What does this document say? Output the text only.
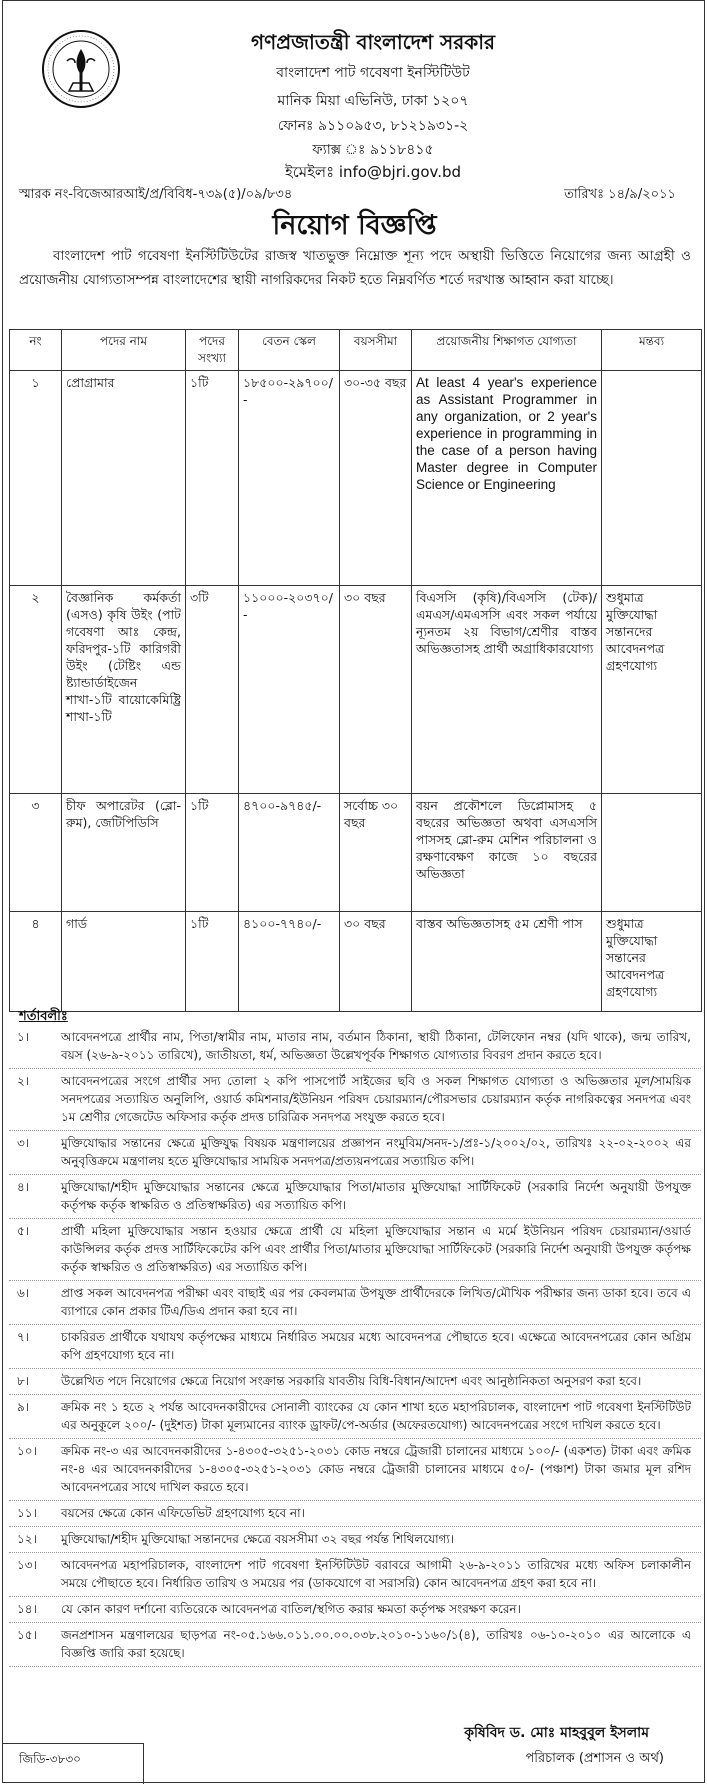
গণপ্রজাতন্ত্রী বাংলাদেশ সরকার
বাংলাদেশ পাট গবেষণা ইনস্টিটিউট
মানিক মিয়া এভিনিউ, ঢাকা ১২০৭
ফোনঃ ৯১১০৯৫৩, ৮১২১৯৩১-২
ফ্যাক্স ঃ ৯১১৮৪১৫
ইমেইলঃ info@bjri.gov.bd
স্মারক নং-বিজেআরআই/প্র/বিবিধ-৭৩৯(৫)/০৯/৮৩৪	তারিখঃ ১৪/৯/২০১১
নিয়োগ বিজ্ঞপ্তি
বাংলাদেশ পাট গবেষণা ইনস্টিটিউটের রাজস্ব খাতভুক্ত নিম্নোক্ত শূন্য পদে অস্থায়ী ভিত্তিতে নিয়োগের জন্য আগ্রহী ও প্রয়োজনীয় যোগ্যতাসম্পন্ন বাংলাদেশের স্থায়ী নাগরিকদের নিকট হতে নিম্নবর্ণিত শর্তে দরখাস্ত আহ্বান করা যাচ্ছে।
নং	পদের নাম	পদের সংখ্যা	বেতন স্কেল	বয়সসীমা	প্রয়োজনীয় শিক্ষাগত যোগ্যতা	মন্তব্য
১	প্রোগ্রামার	১টি	১৮৫০০-২৯৭০০/-	৩০-৩৫ বছর	At least 4 year's experience as Assistant Programmer in any organization, or 2 year's experience in programming in the case of a person having Master degree in Computer Science or Engineering	
২	বৈজ্ঞানিক কর্মকর্তা (এসও) কৃষি উইং (পাট গবেষণা আঃ কেন্দ্র, ফরিদপুর-১টি কারিগরী উইং (টেষ্টিং এন্ড ষ্ট্যান্ডার্ডাইজেন শাখা-১টি বায়োকেমিষ্ট্রি শাখা-১টি	৩টি	১১০০০-২০৩৭০/-	৩০ বছর	বিএসসি (কৃষি)/বিএসসি (টেক)/এমএস/এমএসসি এবং সকল পর্যায়ে ন্যূনতম ২য় বিভাগ/শ্রেণীর বাস্তব অভিজ্ঞতাসহ প্রার্থী অগ্রাধিকারযোগ্য	শুধুমাত্র মুক্তিযোদ্ধা সন্তানদের আবেদনপত্র গ্রহণযোগ্য
৩	চীফ অপারেটর (ব্লো-রুম), জেটিপিডিসি	১টি	৪৭০০-৯৭৪৫/-	সর্বোচ্চ ৩০ বছর	বয়ন প্রকৌশলে ডিপ্লোমাসহ ৫ বছরের অভিজ্ঞতা অথবা এসএসসি পাসসহ ব্লো-রুম মেশিন পরিচালনা ও রক্ষণাবেক্ষণ কাজে ১০ বছরের অভিজ্ঞতা	
৪	গার্ড	১টি	৪১০০-৭৭৪০/-	৩০ বছর	বাস্তব অভিজ্ঞতাসহ ৫ম শ্রেণী পাস	শুধুমাত্র মুক্তিযোদ্ধা সন্তানের আবেদনপত্র গ্রহণযোগ্য
শর্তাবলীঃ
১।	আবেদনপত্রে প্রার্থীর নাম, পিতা/স্বামীর নাম, মাতার নাম, বর্তমান ঠিকানা, স্থায়ী ঠিকানা, টেলিফোন নম্বর (যদি থাকে), জন্ম তারিখ, বয়স (২৬-৯-২০১১ তারিখে), জাতীয়তা, ধর্ম, অভিজ্ঞতা উল্লেখপূর্বক শিক্ষাগত যোগ্যতার বিবরণ প্রদান করতে হবে।
২।	আবেদনপত্রের সংগে প্রার্থীর সদ্য তোলা ২ কপি পাসপোর্ট সাইজের ছবি ও সকল শিক্ষাগত যোগ্যতা ও অভিজ্ঞতার মূল/সাময়িক সনদপত্রের সত্যায়িত অনুলিপি, ওয়ার্ড কমিশনার/ইউনিয়ন পরিষদ চেয়ারম্যান/পৌরসভার চেয়ারম্যান কর্তৃক নাগরিকত্বের সনদপত্র এবং ১ম শ্রেণীর গেজেটেড অফিসার কর্তৃক প্রদত্ত চারিত্রিক সনদপত্র সংযুক্ত করতে হবে।
৩।	মুক্তিযোদ্ধার সন্তানের ক্ষেত্রে মুক্তিযুদ্ধ বিষয়ক মন্ত্রণালয়ের প্রজ্ঞাপন নংমুবিম/সনদ-১/প্রঃ-১/২০০২/০২, তারিখঃ ২২-০২-২০০২ এর অনুবৃত্তিক্রমে মন্ত্রণালয় হতে মুক্তিযোদ্ধার সাময়িক সনদপত্র/প্রত্যয়নপত্রের সত্যায়িত কপি।
৪।	মুক্তিযোদ্ধা/শহীদ মুক্তিযোদ্ধার সন্তানের ক্ষেত্রে মুক্তিযোদ্ধার পিতা/মাতার মুক্তিযোদ্ধা সার্টিফিকেট (সরকারি নির্দেশ অনুযায়ী উপযুক্ত কর্তৃপক্ষ কর্তৃক স্বাক্ষরিত ও প্রতিস্বাক্ষরিত) এর সত্যায়িত কপি।
৫।	প্রার্থী মহিলা মুক্তিযোদ্ধার সন্তান হওয়ার ক্ষেত্রে প্রার্থী যে মহিলা মুক্তিযোদ্ধার সন্তান এ মর্মে ইউনিয়ন পরিষদ চেয়ারম্যান/ওয়ার্ড কাউন্সিলর কর্তৃক প্রদত্ত সার্টিফিকেটের কপি এবং প্রার্থীর পিতা/মাতার মুক্তিযোদ্ধা সার্টিফিকেট (সরকারি নির্দেশ অনুযায়ী উপযুক্ত কর্তৃপক্ষ কর্তৃক স্বাক্ষরিত ও প্রতিস্বাক্ষরিত) এর সত্যায়িত কপি।
৬।	প্রাপ্ত সকল আবেদনপত্র পরীক্ষা এবং বাছাই এর পর কেবলমাত্র উপযুক্ত প্রার্থীদেরকে লিখিত/মৌখিক পরীক্ষার জন্য ডাকা হবে। তবে এ ব্যাপারে কোন প্রকার টিএ/ডিএ প্রদান করা হবে না।
৭।	চাকরিরত প্রার্থীকে যথাযথ কর্তৃপক্ষের মাধ্যমে নির্ধারিত সময়ের মধ্যে আবেদনপত্র পৌছাতে হবে। এক্ষেত্রে আবেদনপত্রের কোন অগ্রিম কপি গ্রহণযোগ্য হবে না।
৮।	উল্লেখিত পদে নিয়োগের ক্ষেত্রে নিয়োগ সংক্রান্ত সরকারি যাবতীয় বিধি-বিধান/আদেশ এবং আনুষ্ঠানিকতা অনুসরণ করা হবে।
৯।	ক্রমিক নং ১ হতে ২ পর্যন্ত আবেদনকারীদের সোনালী ব্যাংকের যে কোন শাখা হতে মহাপরিচালক, বাংলাদেশ পাট গবেষণা ইনস্টিটিউট এর অনুকূলে ২০০/- (দুইশত) টাকা মূল্যমানের ব্যাংক ড্রাফট/পে-অর্ডার (অফেরতযোগ্য) আবেদনপত্রের সংগে দাখিল করতে হবে।
১০।	ক্রমিক নং-৩ এর আবেদনকারীদের ১-৪৩০৫-৩২৫১-২০৩১ কোড নম্বরে ট্রেজারী চালানের মাধ্যমে ১০০/- (একশত) টাকা এবং ক্রমিক নং-৪ এর আবেদনকারীদের ১-৪৩০৫-৩২৫১-২০৩১ কোড নম্বরে ট্রেজারী চালানের মাধ্যমে ৫০/- (পঞ্চাশ) টাকা জমার মূল রশিদ আবেদনপত্রের সাথে দাখিল করতে হবে।
১১।	বয়সের ক্ষেত্রে কোন এফিডেভিট গ্রহণযোগ্য হবে না।
১২।	মুক্তিযোদ্ধা/শহীদ মুক্তিযোদ্ধা সন্তানদের ক্ষেত্রে বয়সসীমা ৩২ বছর পর্যন্ত শিথিলযোগ্য।
১৩।	আবেদনপত্র মহাপরিচালক, বাংলাদেশ পাট গবেষণা ইনস্টিটিউট বরাবরে আগামী ২৬-৯-২০১১ তারিখের মধ্যে অফিস চলাকালীন সময়ে পৌছাতে হবে। নির্ধারিত তারিখ ও সময়ের পর (ডাকযোগে বা সরাসরি) কোন আবেদনপত্র গ্রহণ করা হবে না।
১৪।	যে কোন কারণ দর্শানো ব্যতিরেকে আবেদনপত্র বাতিল/স্থগিত করার ক্ষমতা কর্তৃপক্ষ সংরক্ষণ করেন।
১৫।	জনপ্রশাসন মন্ত্রণালয়ের ছাড়পত্র নং-০৫.১৬৬.০১১.০০.০০.০৩৮.২০১০-১১৬০/১(৪), তারিখঃ ০৬-১০-২০১০ এর আলোকে এ বিজ্ঞপ্তি জারি করা হয়েছে।
জিডি-৩৮৩০
কৃষিবিদ ড. মোঃ মাহবুবুল ইসলাম
পরিচালক (প্রশাসন ও অর্থ)
